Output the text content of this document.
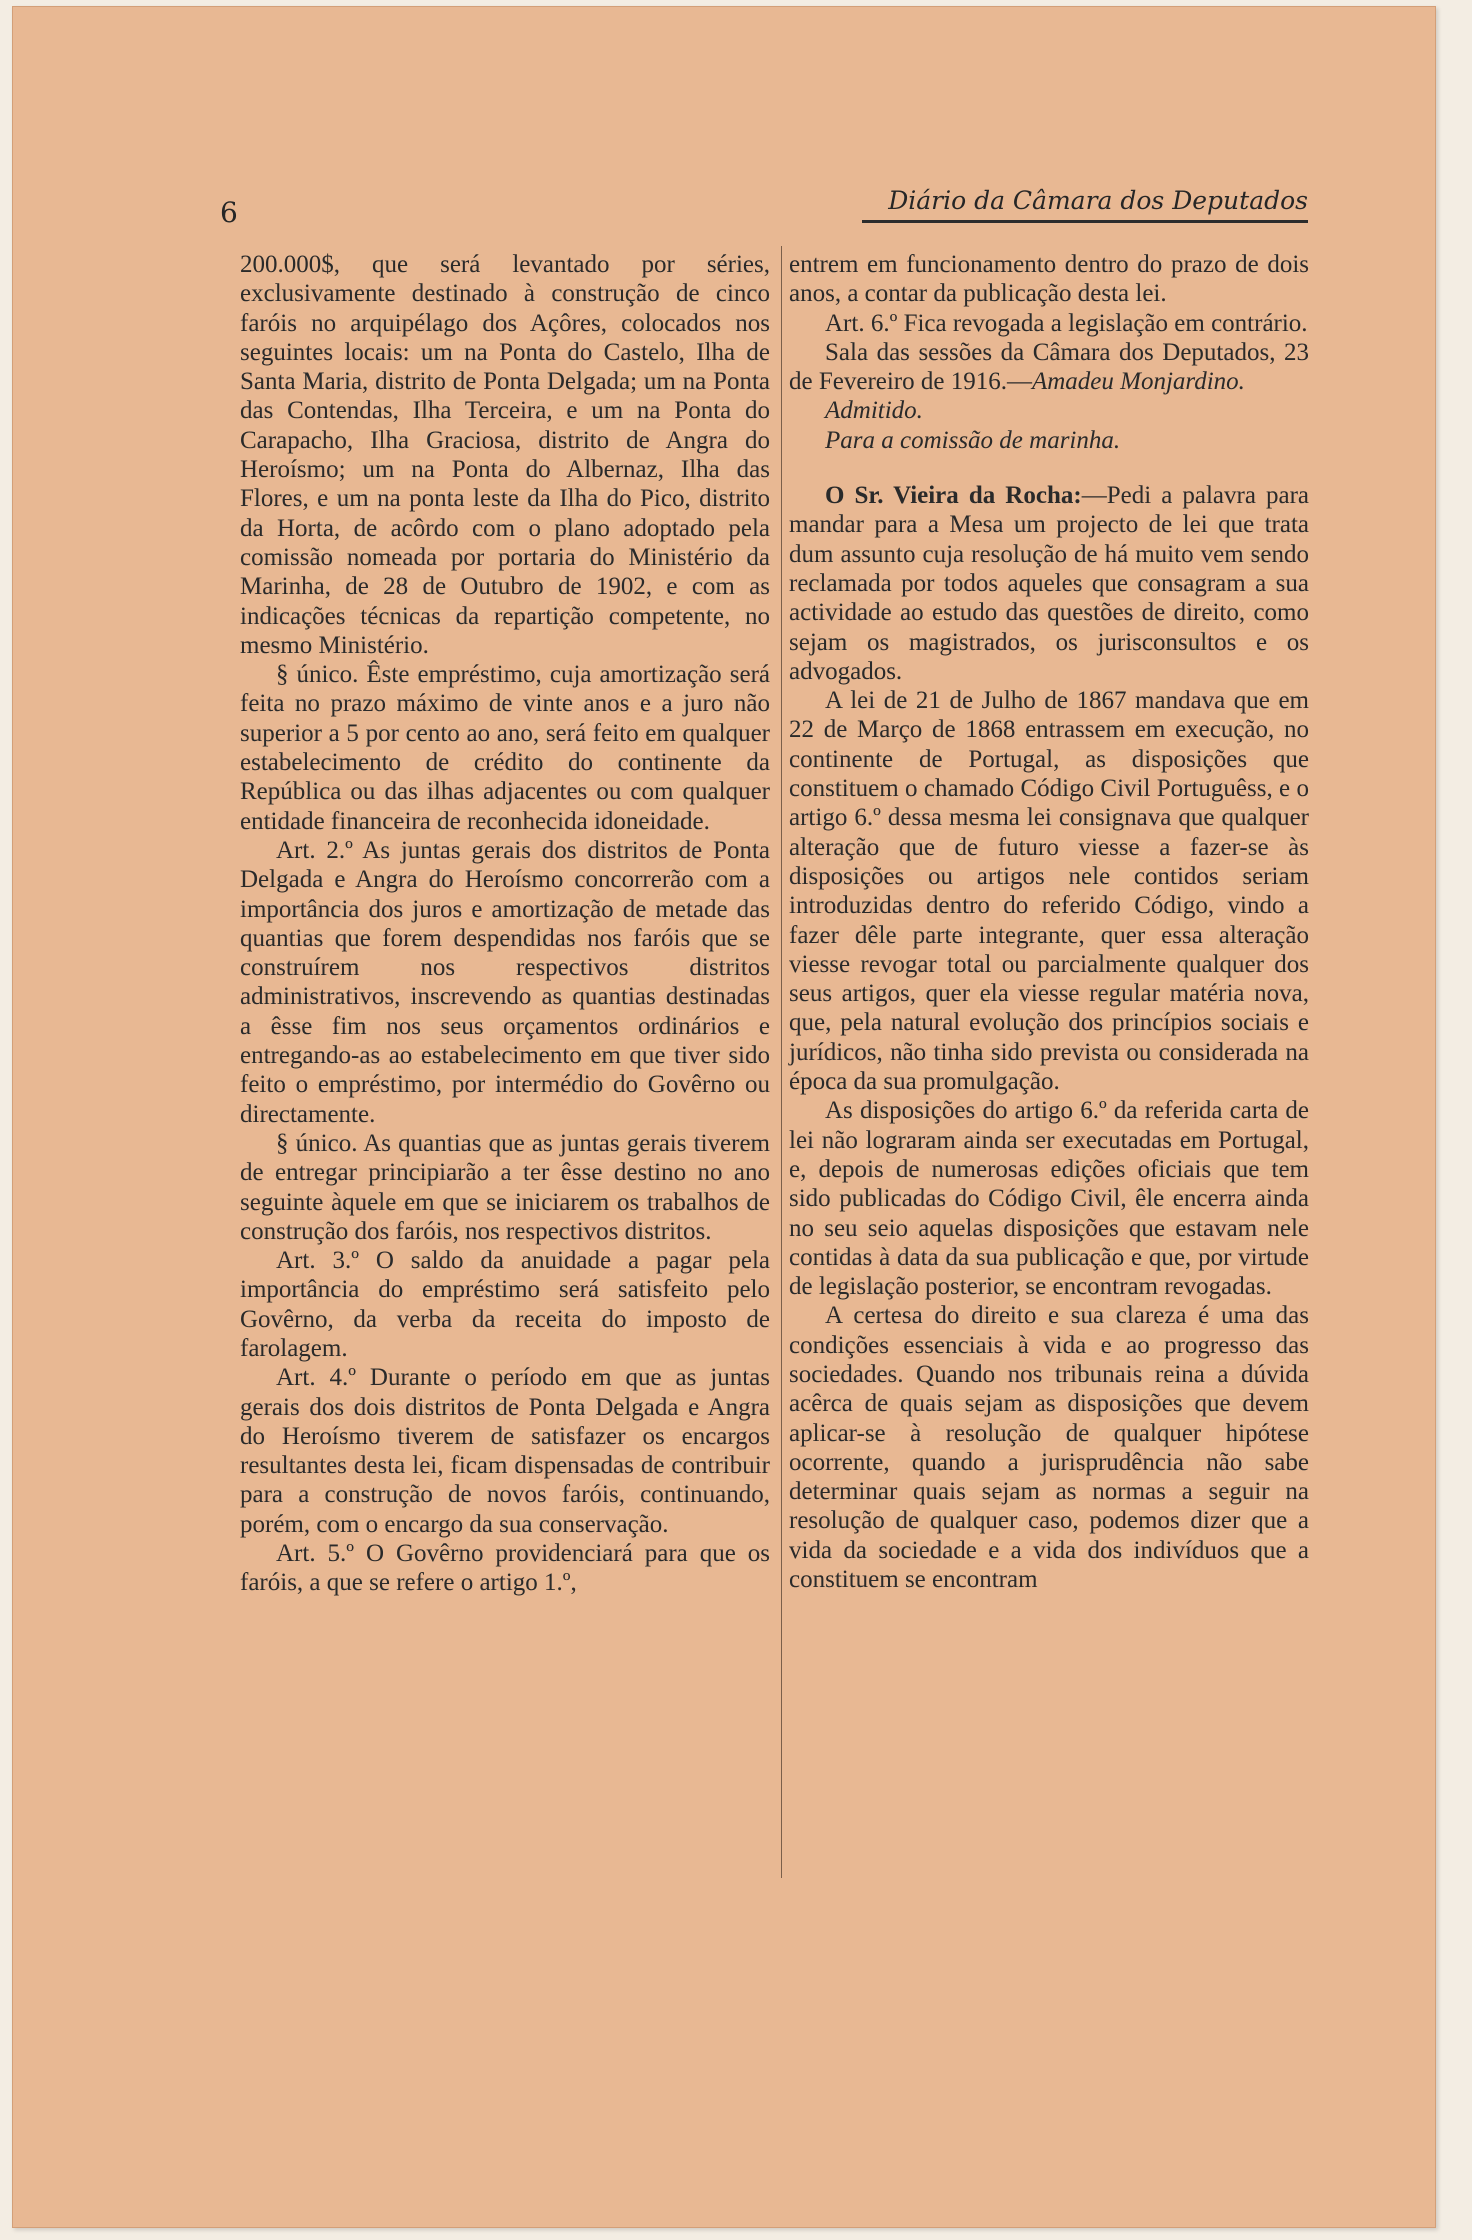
6	Diário da Câmara dos Deputados

200.000$, que será levantado por séries, exclusivamente destinado à construção de cinco faróis no arquipélago dos Açôres, colocados nos seguintes locais: um na Ponta do Castelo, Ilha de Santa Maria, distrito de Ponta Delgada; um na Ponta das Contendas, Ilha Terceira, e um na Ponta do Carapacho, Ilha Graciosa, distrito de Angra do Heroísmo; um na Ponta do Albernaz, Ilha das Flores, e um na ponta leste da Ilha do Pico, distrito da Horta, de acôrdo com o plano adoptado pela comissão nomeada por portaria do Ministério da Marinha, de 28 de Outubro de 1902, e com as indicações técnicas da repartição competente, no mesmo Ministério.

§ único. Êste empréstimo, cuja amortização será feita no prazo máximo de vinte anos e a juro não superior a 5 por cento ao ano, será feito em qualquer estabelecimento de crédito do continente da República ou das ilhas adjacentes ou com qualquer entidade financeira de reconhecida idoneidade.

Art. 2.º As juntas gerais dos distritos de Ponta Delgada e Angra do Heroísmo concorrerão com a importância dos juros e amortização de metade das quantias que forem despendidas nos faróis que se construírem nos respectivos distritos administrativos, inscrevendo as quantias destinadas a êsse fim nos seus orçamentos ordinários e entregando-as ao estabelecimento em que tiver sido feito o empréstimo, por intermédio do Govêrno ou directamente.

§ único. As quantias que as juntas gerais tiverem de entregar principiarão a ter êsse destino no ano seguinte àquele em que se iniciarem os trabalhos de construção dos faróis, nos respectivos distritos.

Art. 3.º O saldo da anuidade a pagar pela importância do empréstimo será satisfeito pelo Govêrno, da verba da receita do imposto de farolagem.

Art. 4.º Durante o período em que as juntas gerais dos dois distritos de Ponta Delgada e Angra do Heroísmo tiverem de satisfazer os encargos resultantes desta lei, ficam dispensadas de contribuir para a construção de novos faróis, continuando, porém, com o encargo da sua conservação.

Art. 5.º O Govêrno providenciará para que os faróis, a que se refere o artigo 1.º,

entrem em funcionamento dentro do prazo de dois anos, a contar da publicação desta lei.

Art. 6.º Fica revogada a legislação em contrário.

Sala das sessões da Câmara dos Deputados, 23 de Fevereiro de 1916.—Amadeu Monjardino.

Admitido.

Para a comissão de marinha.

O Sr. Vieira da Rocha:—Pedi a palavra para mandar para a Mesa um projecto de lei que trata dum assunto cuja resolução de há muito vem sendo reclamada por todos aqueles que consagram a sua actividade ao estudo das questões de direito, como sejam os magistrados, os jurisconsultos e os advogados.

A lei de 21 de Julho de 1867 mandava que em 22 de Março de 1868 entrassem em execução, no continente de Portugal, as disposições que constituem o chamado Código Civil Portuguêss, e o artigo 6.º dessa mesma lei consignava que qualquer alteração que de futuro viesse a fazer-se às disposições ou artigos nele contidos seriam introduzidas dentro do referido Código, vindo a fazer dêle parte integrante, quer essa alteração viesse revogar total ou parcialmente qualquer dos seus artigos, quer ela viesse regular matéria nova, que, pela natural evolução dos princípios sociais e jurídicos, não tinha sido prevista ou considerada na época da sua promulgação.

As disposições do artigo 6.º da referida carta de lei não lograram ainda ser executadas em Portugal, e, depois de numerosas edições oficiais que tem sido publicadas do Código Civil, êle encerra ainda no seu seio aquelas disposições que estavam nele contidas à data da sua publicação e que, por virtude de legislação posterior, se encontram revogadas.

A certesa do direito e sua clareza é uma das condições essenciais à vida e ao progresso das sociedades. Quando nos tribunais reina a dúvida acêrca de quais sejam as disposições que devem aplicar-se à resolução de qualquer hipótese ocorrente, quando a jurisprudência não sabe determinar quais sejam as normas a seguir na resolução de qualquer caso, podemos dizer que a vida da sociedade e a vida dos indivíduos que a constituem se encontram
